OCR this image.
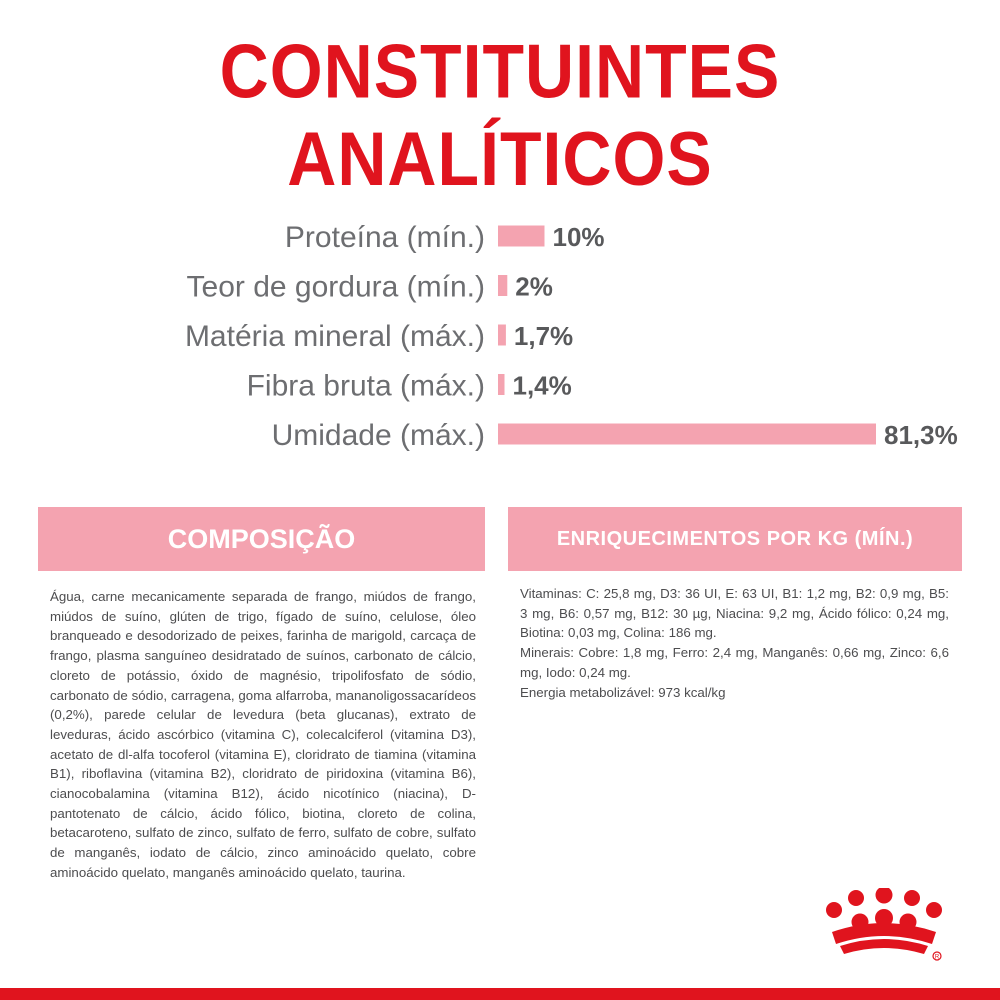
CONSTITUINTES ANALÍTICOS
Proteína (mín.)	10%
Teor de gordura (mín.) 2%
Matéria mineral (máx.) 1,7%
Fibra bruta (máx.) 1,4%
Umidade (máx.)	81,3%
COMPOSIÇÃO	ENRIQUECIMENTOS POR KG (MÍN.)

Água, carne mecanicamente separada de frango, miúdos de frango, miúdos de suíno, glúten de trigo, fígado de suíno, celulose, óleo branqueado e desodorizado de peixes, farinha de marigold, carcaça de frango, plasma sanguíneo desidratado de suínos, carbonato de cálcio, cloreto de potássio, óxido de magnésio, tripolifosfato de sódio, carbonato de sódio, carragena, goma alfarroba, mananoligossacarídeos (0,2%), parede celular de levedura (beta glucanas), extrato de leveduras, ácido ascórbico (vitamina C), colecalciferol (vitamina D3), acetato de dl-alfa tocoferol (vitamina E), cloridrato de tiamina (vitamina B1), riboflavina (vitamina B2), cloridrato de piridoxina (vitamina B6), cianocobalamina (vitamina B12), ácido nicotínico (niacina), D-pantotenato de cálcio, ácido fólico, biotina, cloreto de colina, betacaroteno, sulfato de zinco, sulfato de ferro, sulfato de cobre, sulfato de manganês, iodato de cálcio, zinco aminoácido quelato, cobre aminoácido quelato, manganês aminoácido quelato, taurina.

Vitaminas: C: 25,8 mg, D3: 36 UI, E: 63 UI, B1: 1,2 mg, B2: 0,9 mg, B5: 3 mg, B6: 0,57 mg, B12: 30 µg, Niacina: 9,2 mg, Ácido fólico: 0,24 mg, Biotina: 0,03 mg, Colina: 186 mg.

Minerais: Cobre: 1,8 mg, Ferro: 2,4 mg, Manganês: 0,66 mg, Zinco: 6,6 mg, Iodo: 0,24 mg.

Energia metabolizável: 973 kcal/kg

R
